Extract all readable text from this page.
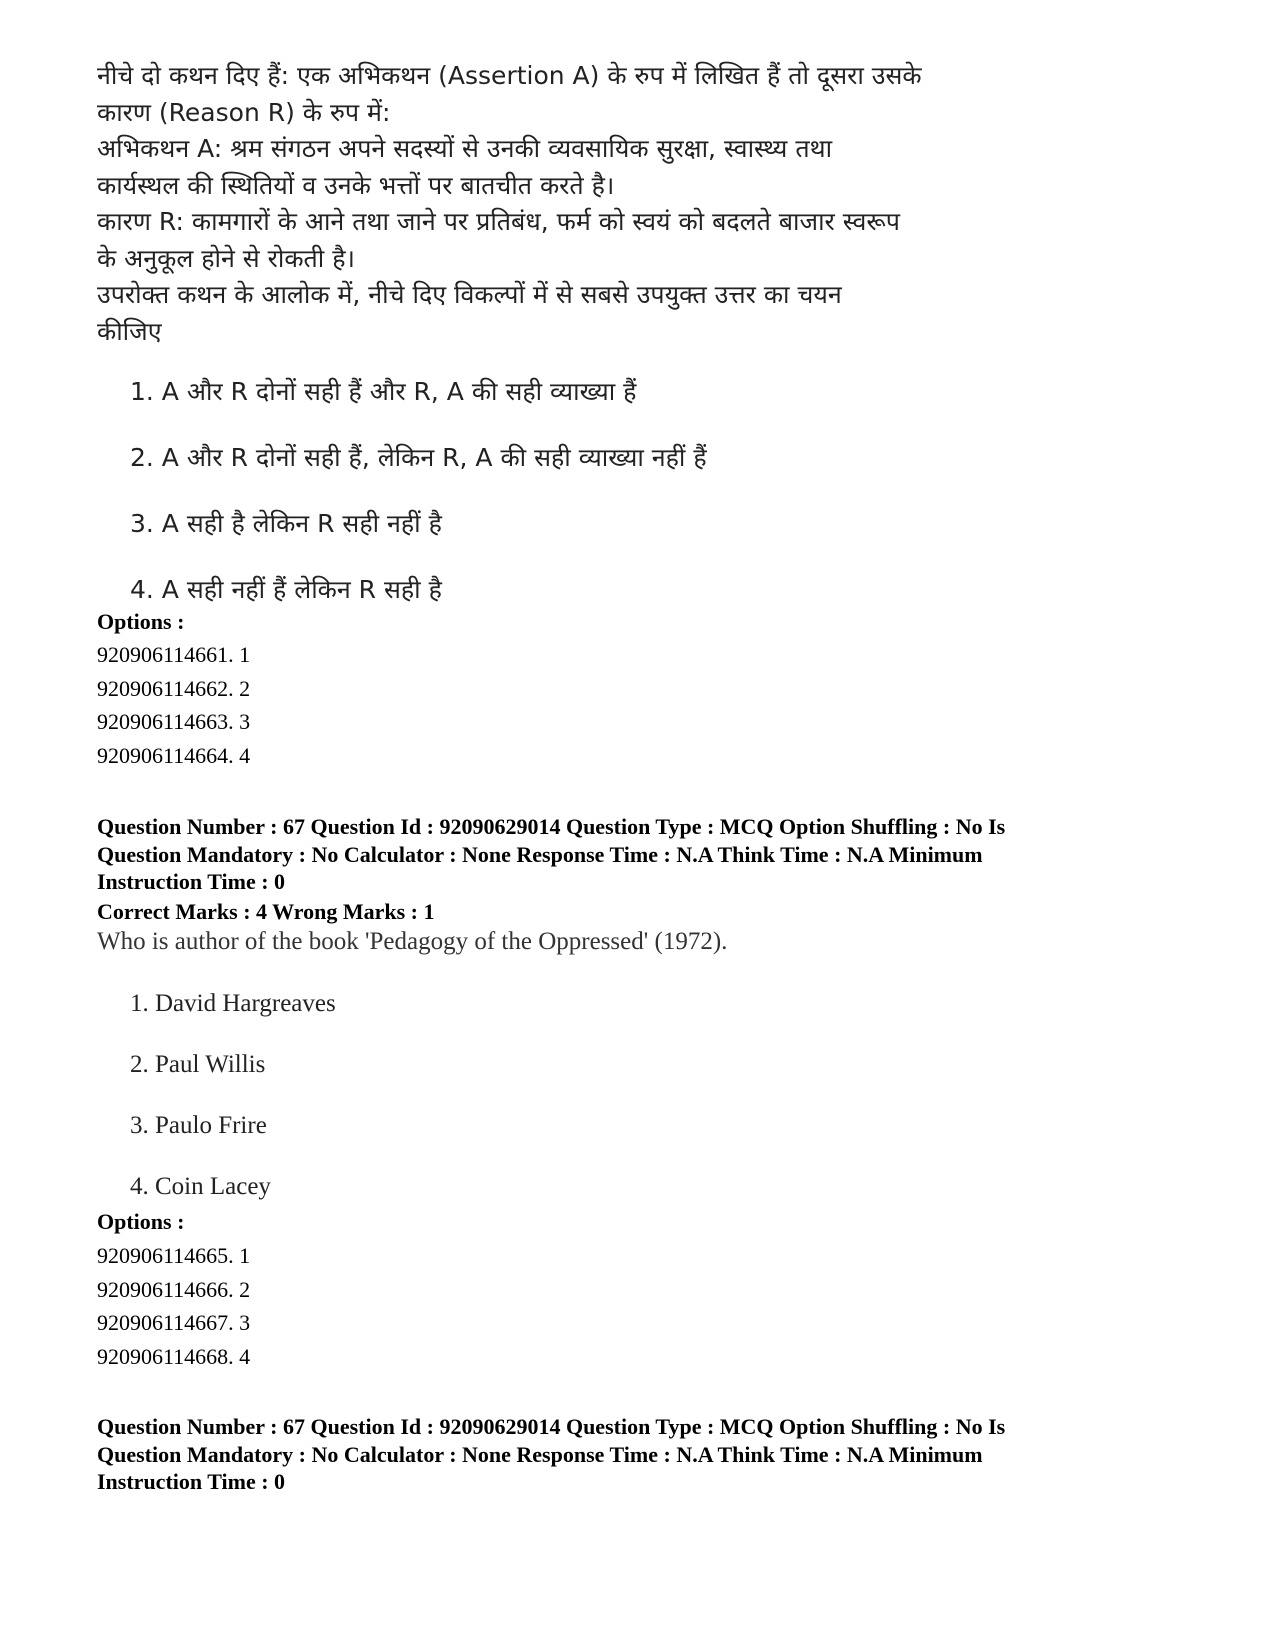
नीचे दो कथन दिए हैं: एक अभिकथन (Assertion A) के रुप में लिखित हैं तो दूसरा उसके

कारण (Reason R) के रुप में:

अभिकथन A: श्रम संगठन अपने सदस्यों से उनकी व्यवसायिक सुरक्षा, स्वास्थ्य तथा

कार्यस्थल की स्थितियों व उनके भत्तों पर बातचीत करते है।

कारण R: कामगारों के आने तथा जाने पर प्रतिबंध, फर्म को स्वयं को बदलते बाजार स्वरूप

के अनुकूल होने से रोकती है।

उपरोक्त कथन के आलोक में, नीचे दिए विकल्पों में से सबसे उपयुक्त उत्तर का चयन

कीजिए

1. A और R दोनों सही हैं और R, A की सही व्याख्या हैं
2. A और R दोनों सही हैं, लेकिन R, A की सही व्याख्या नहीं हैं
3. A सही है लेकिन R सही नहीं है
4. A सही नहीं हैं लेकिन R सही है
Options :
920906114661. 1
920906114662. 2
920906114663. 3
920906114664. 4
Question Number : 67 Question Id : 92090629014 Question Type : MCQ Option Shuffling : No Is
Question Mandatory : No Calculator : None Response Time : N.A Think Time : N.A Minimum
Instruction Time : 0
Correct Marks : 4 Wrong Marks : 1
Who is author of the book 'Pedagogy of the Oppressed' (1972).
1. David Hargreaves
2. Paul Willis
3. Paulo Frire
4. Coin Lacey
Options :
920906114665. 1
920906114666. 2
920906114667. 3
920906114668. 4
Question Number : 67 Question Id : 92090629014 Question Type : MCQ Option Shuffling : No Is
Question Mandatory : No Calculator : None Response Time : N.A Think Time : N.A Minimum
Instruction Time : 0
